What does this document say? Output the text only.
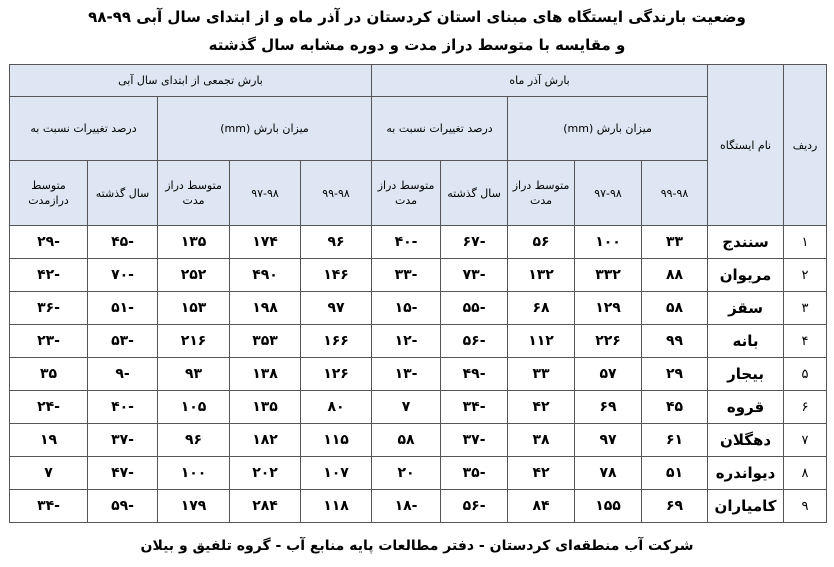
وضعیت بارندگی ایستگاه های مبنای استان کردستان در آذر ماه و از ابتدای سال آبی ۹۹-۹۸
و مقایسه با متوسط دراز مدت و دوره مشابه سال گذشته
ردیف	نام ایستگاه	بارش آذر ماه					بارش تجمعی از ابتدای سال آبی				
		میزان بارش (mm)			درصد تغییرات نسبت به		میزان بارش (mm)			درصد تغییرات نسبت به	
		۹۹-۹۸	۹۷-۹۸	متوسط دراز مدت	سال گذشته	متوسط دراز مدت	۹۹-۹۸	۹۷-۹۸	متوسط دراز مدت	سال گذشته	متوسط درازمدت
۱	سنندج	۳۳	۱۰۰	۵۶	-۶۷	-۴۰	۹۶	۱۷۴	۱۳۵	-۴۵	-۲۹
۲	مریوان	۸۸	۳۳۲	۱۳۲	-۷۳	-۳۳	۱۴۶	۴۹۰	۲۵۲	-۷۰	-۴۲
۳	سقز	۵۸	۱۲۹	۶۸	-۵۵	-۱۵	۹۷	۱۹۸	۱۵۳	-۵۱	-۳۶
۴	بانه	۹۹	۲۲۶	۱۱۲	-۵۶	-۱۲	۱۶۶	۳۵۳	۲۱۶	-۵۳	-۲۳
۵	بیجار	۲۹	۵۷	۳۳	-۴۹	-۱۳	۱۲۶	۱۳۸	۹۳	-۹	۳۵
۶	قروه	۴۵	۶۹	۴۲	-۳۴	۷	۸۰	۱۳۵	۱۰۵	-۴۰	-۲۴
۷	دهگلان	۶۱	۹۷	۳۸	-۳۷	۵۸	۱۱۵	۱۸۲	۹۶	-۳۷	۱۹
۸	دیواندره	۵۱	۷۸	۴۲	-۳۵	۲۰	۱۰۷	۲۰۲	۱۰۰	-۴۷	۷
۹	کامیاران	۶۹	۱۵۵	۸۴	-۵۶	-۱۸	۱۱۸	۲۸۴	۱۷۹	-۵۹	-۳۴
شرکت آب منطقه‌ای کردستان - دفتر مطالعات پایه منابع آب - گروه تلفیق و بیلان
